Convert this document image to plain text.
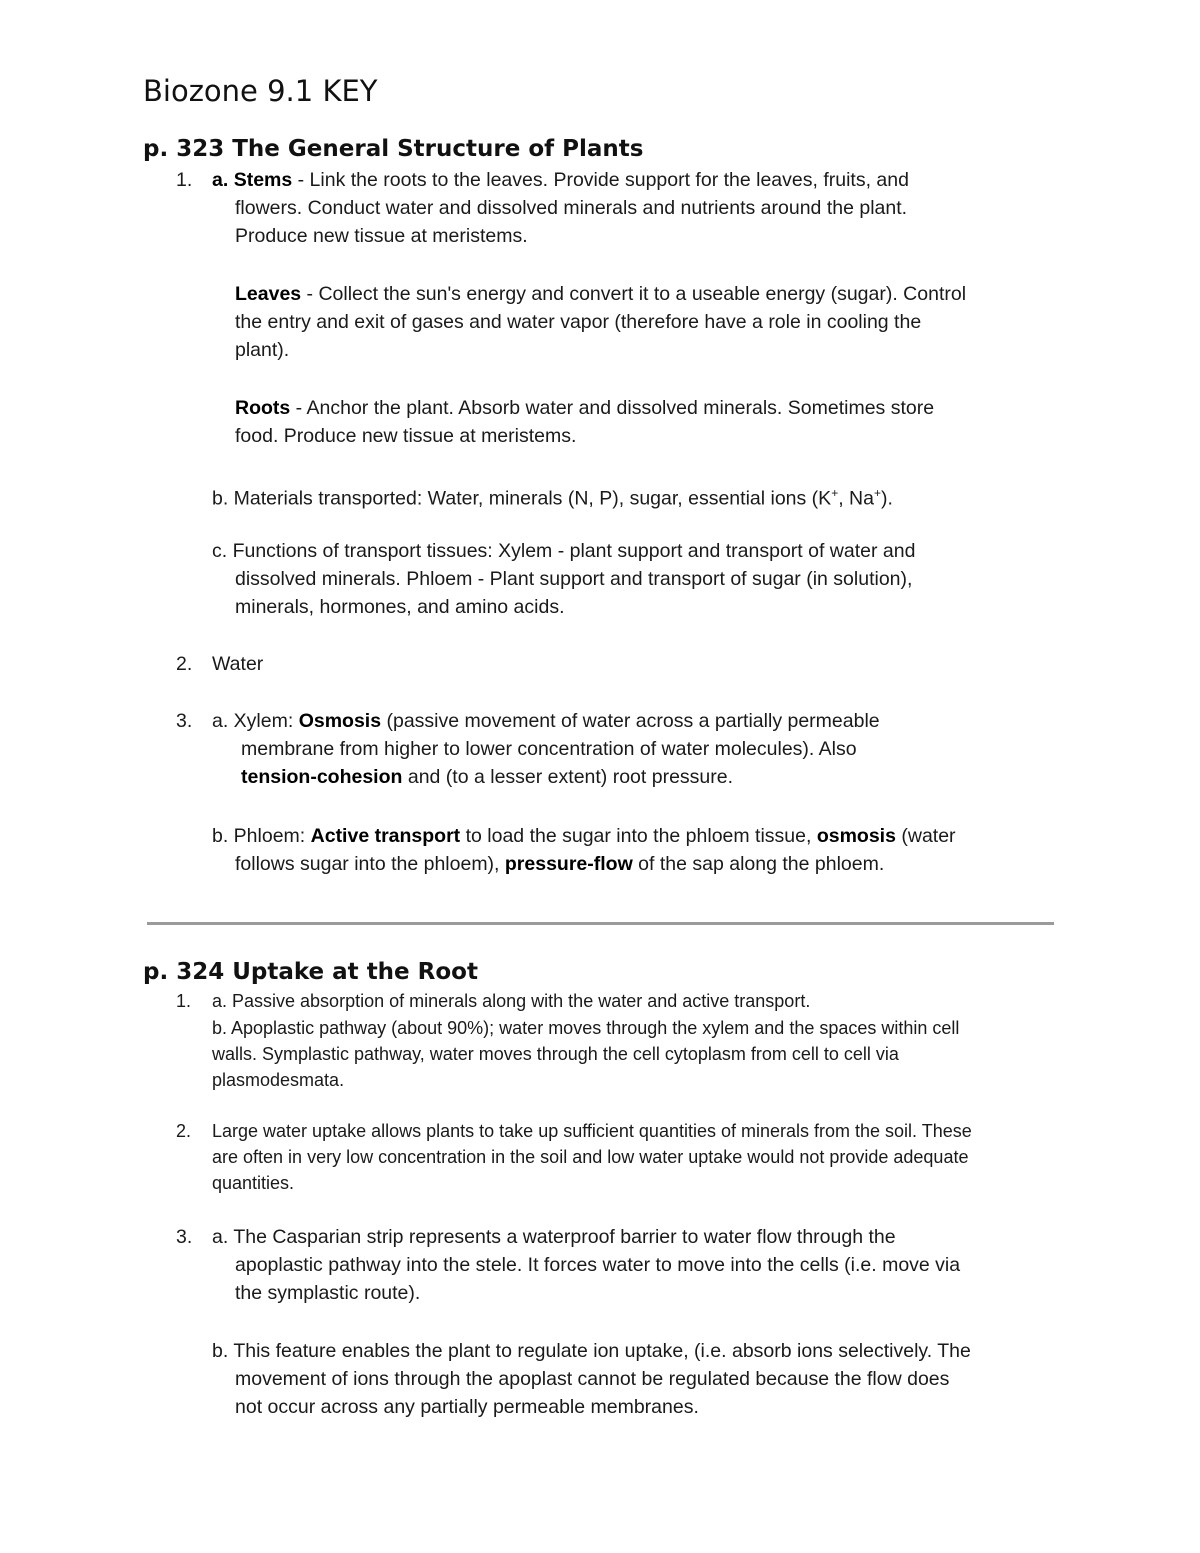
Biozone 9.1 KEY
p. 323 The General Structure of Plants
1. a. Stems - Link the roots to the leaves. Provide support for the leaves, fruits, and
flowers. Conduct water and dissolved minerals and nutrients around the plant.
Produce new tissue at meristems.
Leaves - Collect the sun's energy and convert it to a useable energy (sugar). Control
the entry and exit of gases and water vapor (therefore have a role in cooling the
plant).
Roots - Anchor the plant. Absorb water and dissolved minerals. Sometimes store
food. Produce new tissue at meristems.
b. Materials transported: Water, minerals (N, P), sugar, essential ions (K+, Na+).
c. Functions of transport tissues: Xylem - plant support and transport of water and
dissolved minerals. Phloem - Plant support and transport of sugar (in solution),
minerals, hormones, and amino acids.
2. Water
3. a. Xylem: Osmosis (passive movement of water across a partially permeable
membrane from higher to lower concentration of water molecules). Also
tension-cohesion and (to a lesser extent) root pressure.
b. Phloem: Active transport to load the sugar into the phloem tissue, osmosis (water
follows sugar into the phloem), pressure-flow of the sap along the phloem.
p. 324 Uptake at the Root
1. a. Passive absorption of minerals along with the water and active transport.
b. Apoplastic pathway (about 90%); water moves through the xylem and the spaces within cell
walls. Symplastic pathway, water moves through the cell cytoplasm from cell to cell via
plasmodesmata.
2. Large water uptake allows plants to take up sufficient quantities of minerals from the soil. These
are often in very low concentration in the soil and low water uptake would not provide adequate
quantities.
3. a. The Casparian strip represents a waterproof barrier to water flow through the
apoplastic pathway into the stele. It forces water to move into the cells (i.e. move via
the symplastic route).
b. This feature enables the plant to regulate ion uptake, (i.e. absorb ions selectively. The
movement of ions through the apoplast cannot be regulated because the flow does
not occur across any partially permeable membranes.
